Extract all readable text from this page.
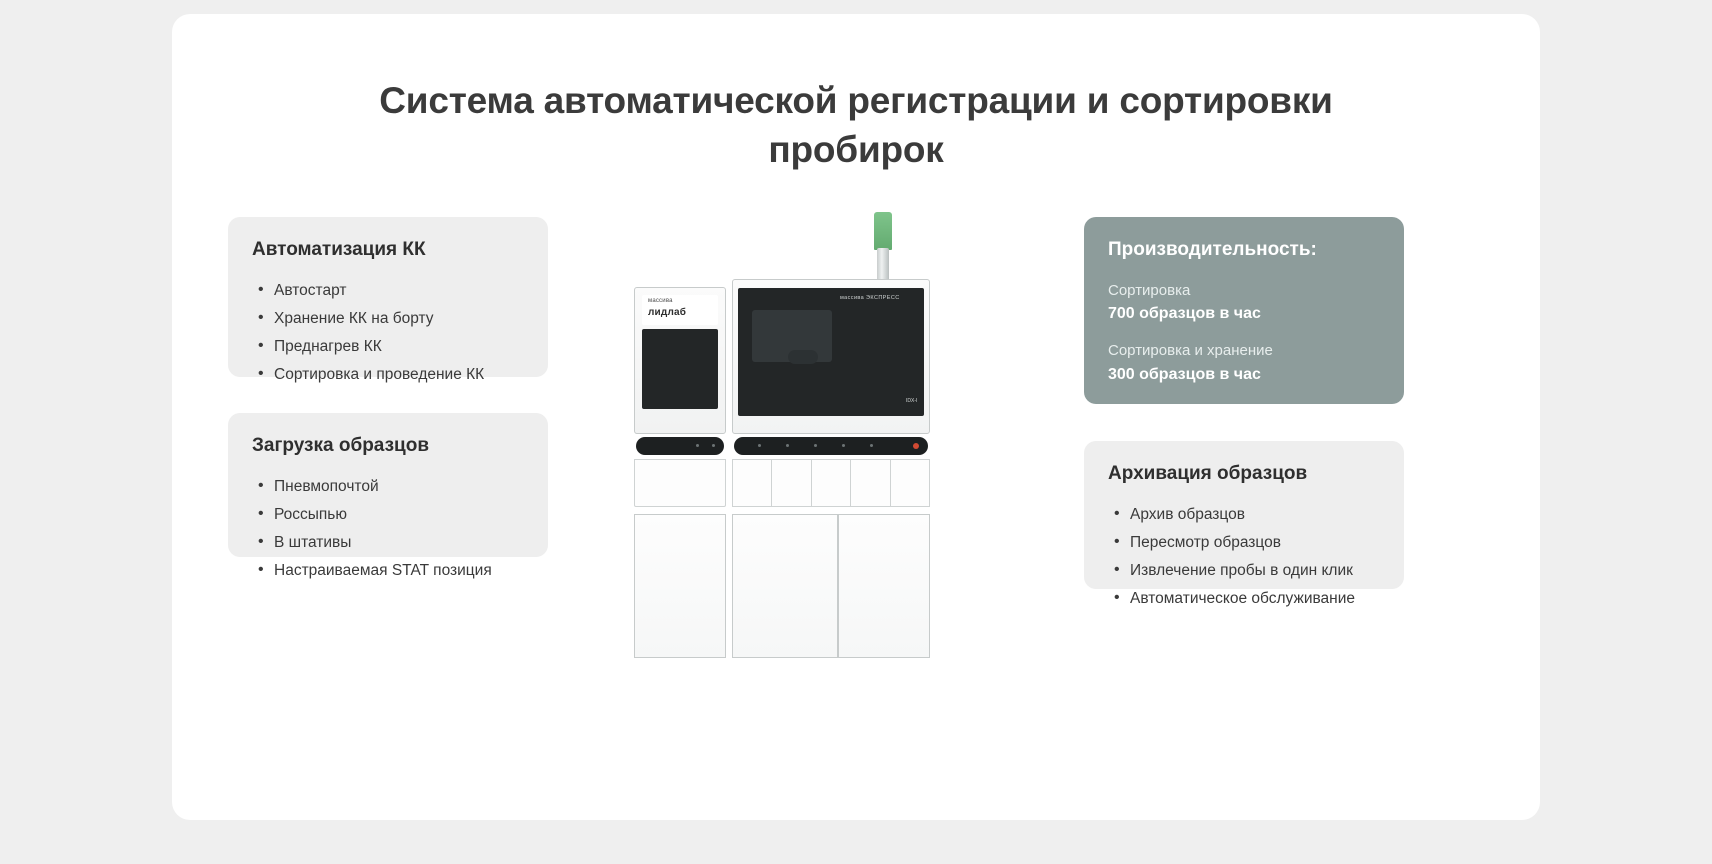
Система автоматической регистрации и сортировки пробирок
Автоматизация КК
• Автостарт
• Хранение КК на борту
• Преднагрев КК
• Сортировка и проведение КК
Загрузка образцов
• Пневмопочтой
• Россыпью
• В штативы
• Настраиваемая STAT позиция
Производительность:
Сортировка
700 образцов в час
Сортировка и хранение
300 образцов в час
Архивация образцов
• Архив образцов
• Пересмотр образцов
• Извлечение пробы в один клик
• Автоматическое обслуживание
массива ЭКСПРЕСС
IDX-I
массива
лидлаб
